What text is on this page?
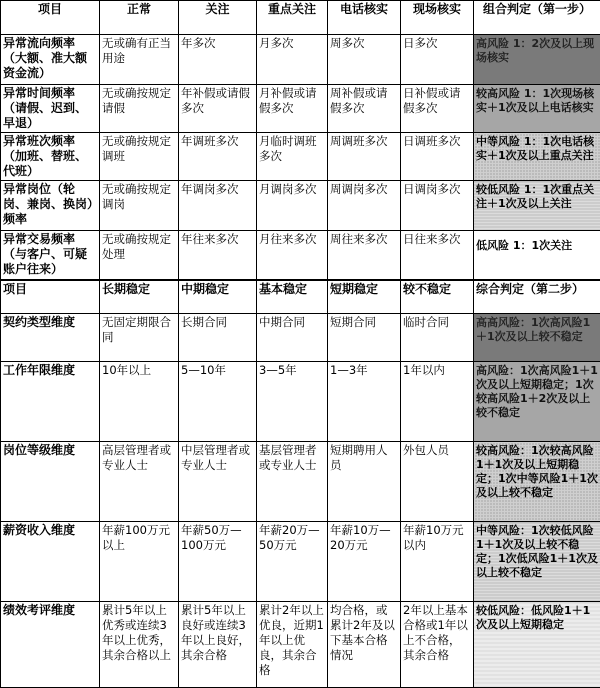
项目	正常	关注	重点关注	电话核实	现场核实	组合判定（第一步）
异常流向频率（大额、准大额资金流）	无或确有正当用途	年多次	月多次	周多次	日多次	高风险 1：2次及以上现场核实
异常时间频率（请假、迟到、早退）	无或确按规定请假	年补假或请假多次	月补假或请假多次	周补假或请假多次	日补假或请假多次	较高风险 1：1次现场核实＋1次及以上电话核实
异常班次频率（加班、替班、代班）	无或确按规定调班	年调班多次	月临时调班多次	周调班多次	日调班多次	中等风险 1：1次电话核实＋1次及以上重点关注
异常岗位（轮岗、兼岗、换岗）频率	无或确按规定调岗	年调岗多次	月调岗多次	周调岗多次	日调岗多次	较低风险 1：1次重点关注＋1次及以上关注
异常交易频率（与客户、可疑账户往来）	无或确按规定处理	年往来多次	月往来多次	周往来多次	日往来多次	低风险 1：1次关注
项目	长期稳定	中期稳定	基本稳定	短期稳定	较不稳定	综合判定（第二步）
契约类型维度	无固定期限合同	长期合同	中期合同	短期合同	临时合同	高高风险：1次高风险1＋1次及以上较不稳定
工作年限维度	10年以上	5—10年	3—5年	1—3年	1年以内	高风险：1次高风险1＋1次及以上短期稳定；1次较高风险1＋2次及以上较不稳定
岗位等级维度	高层管理者或专业人士	中层管理者或专业人士	基层管理者或专业人士	短期聘用人员	外包人员	较高风险：1次较高风险1＋1次及以上短期稳定；1次中等风险1＋1次及以上较不稳定
薪资收入维度	年薪100万元以上	年薪50万—100万元	年薪20万—50万元	年薪10万—20万元	年薪10万元以内	中等风险：1次较低风险1＋1次及以上较不稳定；1次低风险1＋1次及以上较不稳定
绩效考评维度	累计5年以上优秀或连续3年以上优秀，其余合格以上	累计5年以上良好或连续3年以上良好，其余合格	累计2年以上优良，近期1年以上优良，其余合格	均合格，或累计2年及以下基本合格情况	2年以上基本合格或1年以上不合格，其余合格	较低风险：低风险1＋1次及以上短期稳定
